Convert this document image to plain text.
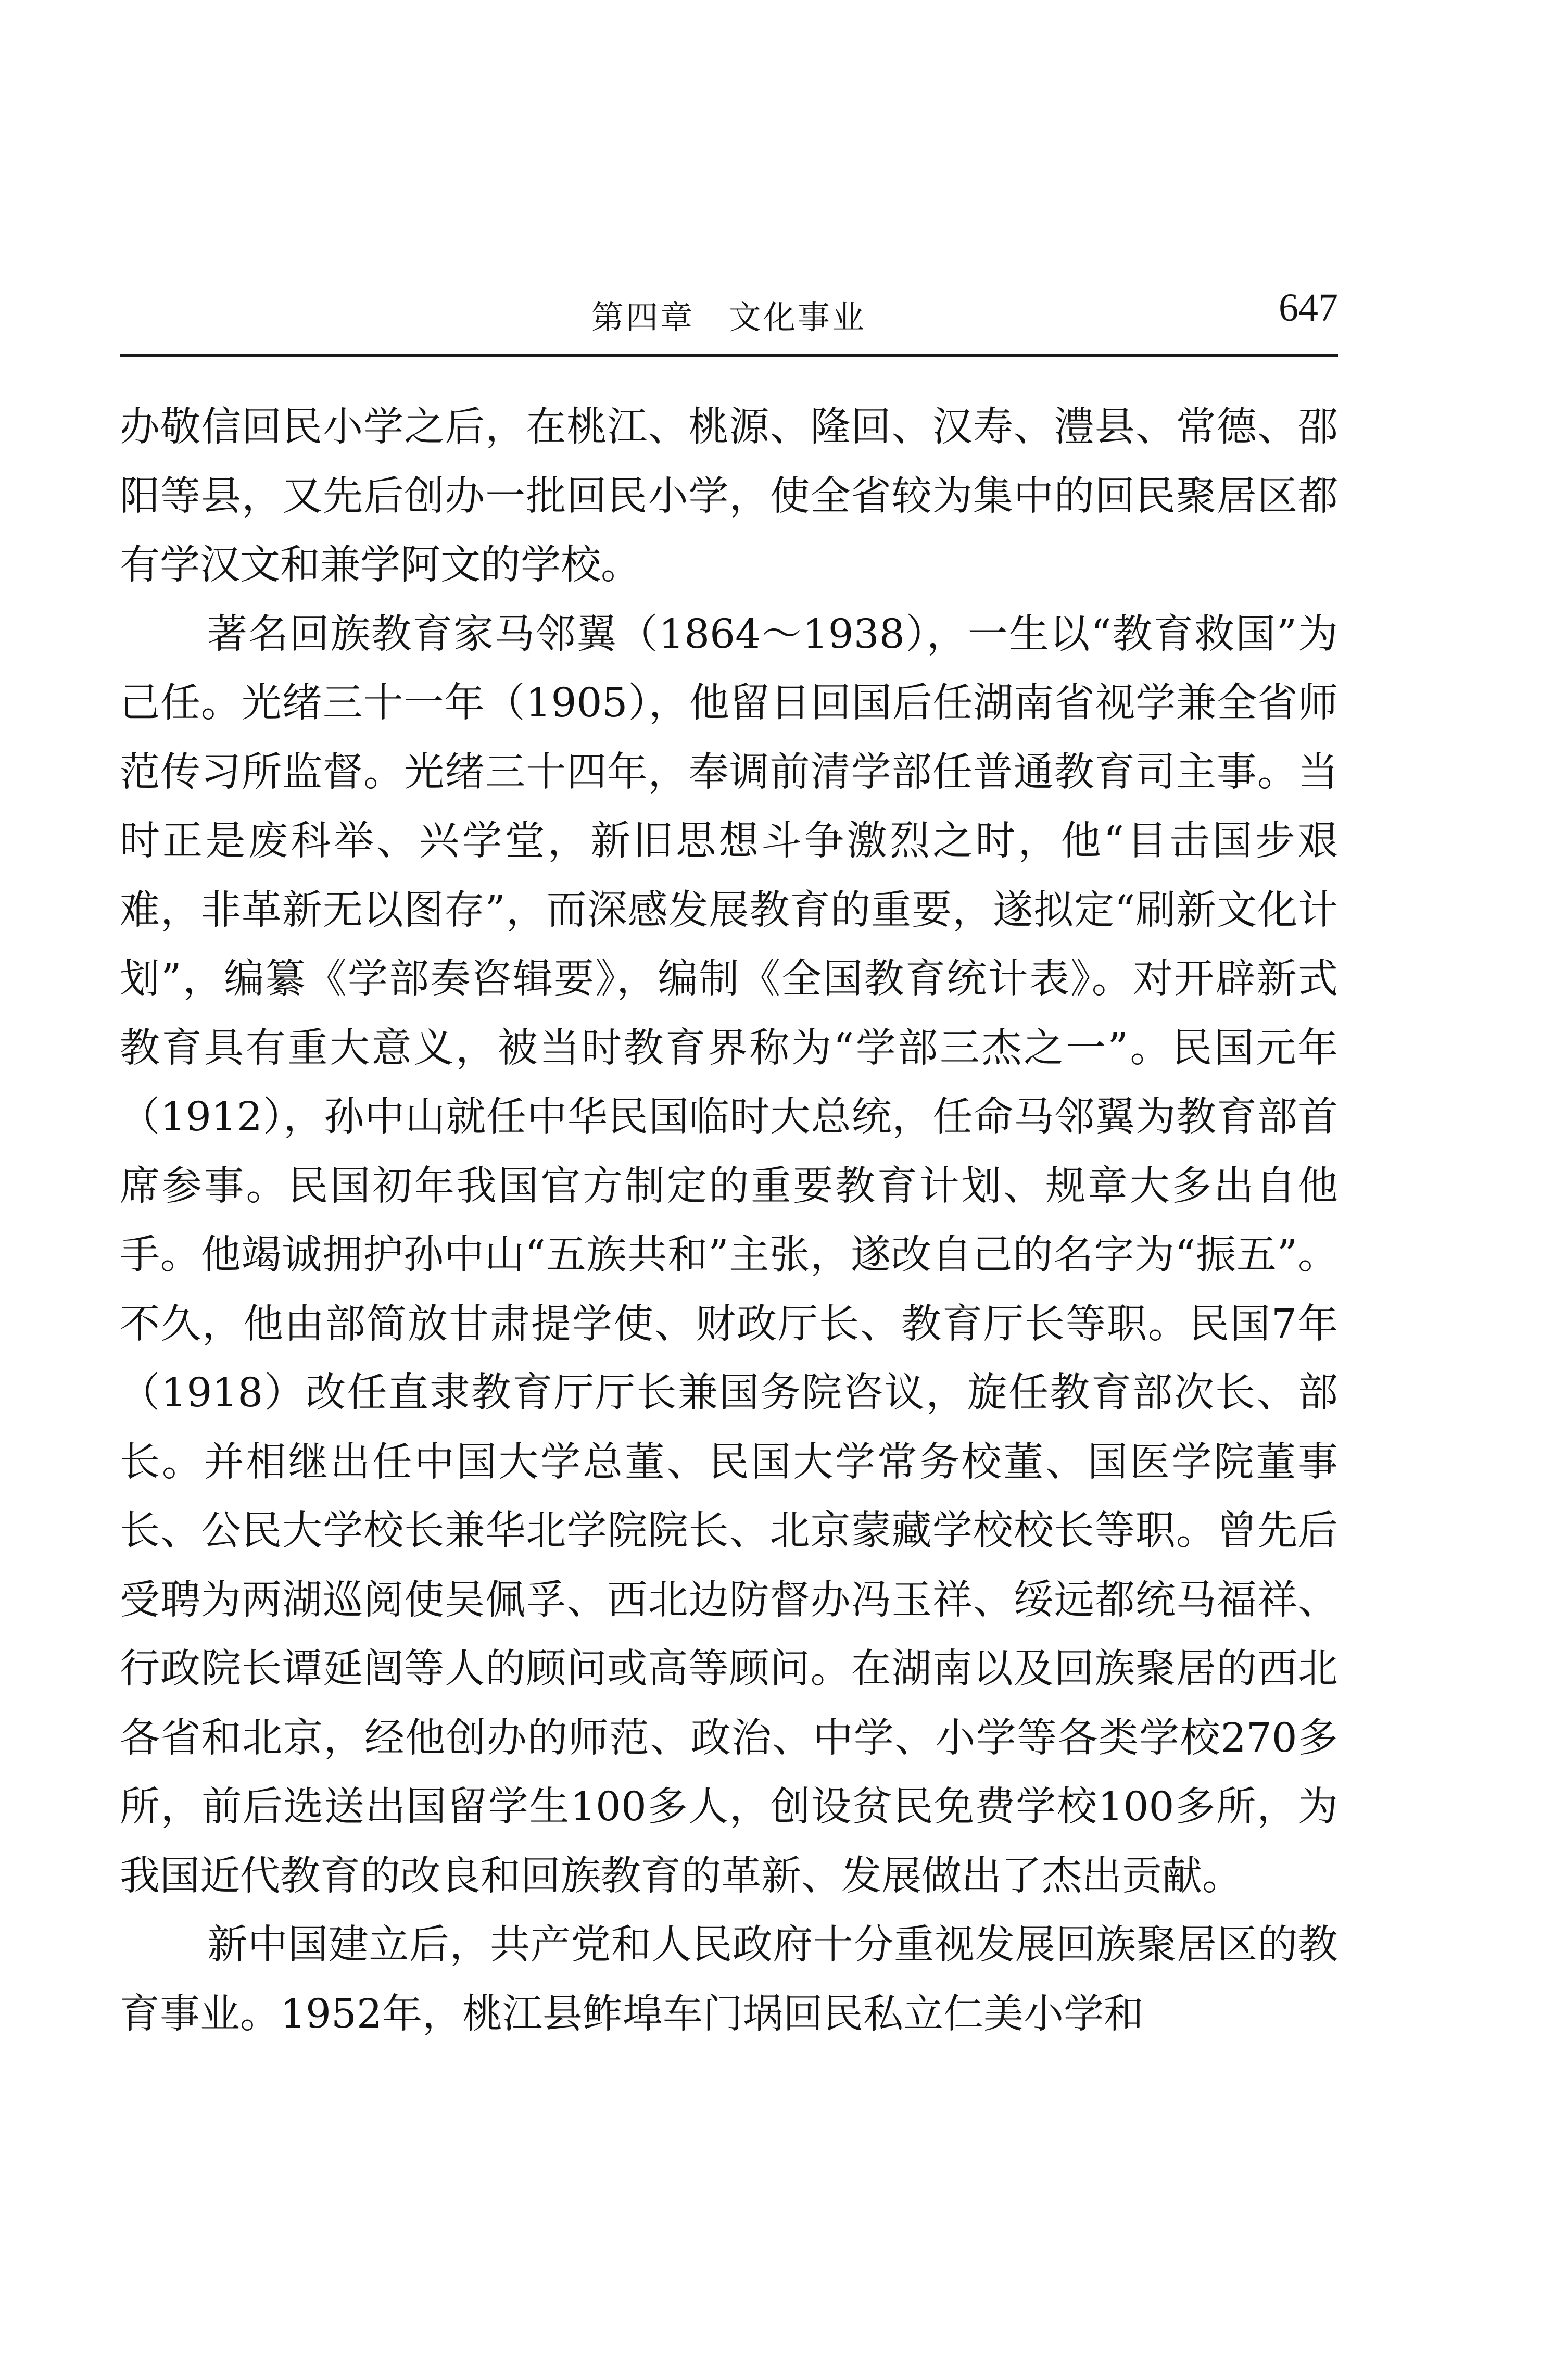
第四章　文化事业	647

办敬信回民小学之后，在桃江、桃源、隆回、汉寿、澧县、常德、邵阳等县，又先后创办一批回民小学，使全省较为集中的回民聚居区都有学汉文和兼学阿文的学校。

著名回族教育家马邻翼（1864～1938），一生以“教育救国”为己任。光绪三十一年（1905），他留日回国后任湖南省视学兼全省师范传习所监督。光绪三十四年，奉调前清学部任普通教育司主事。当时正是废科举、兴学堂，新旧思想斗争激烈之时，他“目击国步艰难，非革新无以图存”，而深感发展教育的重要，遂拟定“刷新文化计划”，编纂《学部奏咨辑要》，编制《全国教育统计表》。对开辟新式教育具有重大意义，被当时教育界称为“学部三杰之一”。民国元年（1912），孙中山就任中华民国临时大总统，任命马邻翼为教育部首席参事。民国初年我国官方制定的重要教育计划、规章大多出自他手。他竭诚拥护孙中山“五族共和”主张，遂改自己的名字为“振五”。不久，他由部简放甘肃提学使、财政厅长、教育厅长等职。民国7年（1918）改任直隶教育厅厅长兼国务院咨议，旋任教育部次长、部长。并相继出任中国大学总董、民国大学常务校董、国医学院董事长、公民大学校长兼华北学院院长、北京蒙藏学校校长等职。曾先后受聘为两湖巡阅使吴佩孚、西北边防督办冯玉祥、绥远都统马福祥、行政院长谭延闿等人的顾问或高等顾问。在湖南以及回族聚居的西北各省和北京，经他创办的师范、政治、中学、小学等各类学校270多所，前后选送出国留学生100多人，创设贫民免费学校100多所，为我国近代教育的改良和回族教育的革新、发展做出了杰出贡献。

新中国建立后，共产党和人民政府十分重视发展回族聚居区的教育事业。1952年，桃江县鲊埠车门埚回民私立仁美小学和
